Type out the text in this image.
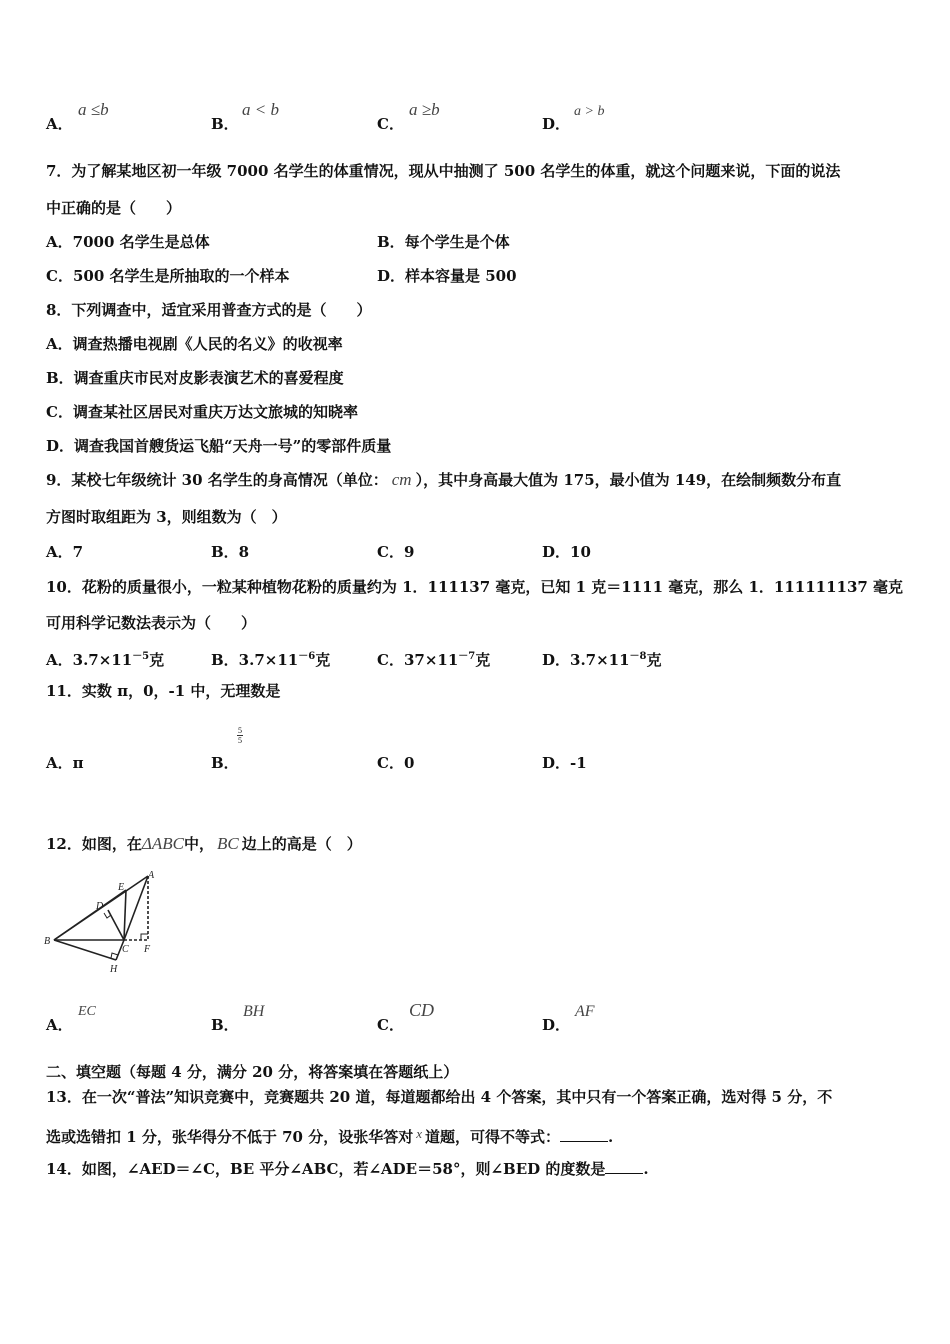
A．
a ≤b
B．
a < b
C．
a ≥b
D．
a > b
7．为了解某地区初一年级 7000 名学生的体重情况，现从中抽测了 500 名学生的体重，就这个问题来说，下面的说法
中正确的是（　　）
A．7000 名学生是总体	B．每个学生是个体
C．500 名学生是所抽取的一个样本	D．样本容量是 500
8．下列调查中，适宜采用普查方式的是（　　）
A．调查热播电视剧《人民的名义》的收视率
B．调查重庆市民对皮影表演艺术的喜爱程度
C．调查某社区居民对重庆万达文旅城的知晓率
D．调查我国首艘货运飞船“天舟一号”的零部件质量
9．某校七年级统计 30 名学生的身高情况（单位： cm ），其中身高最大值为 175，最小值为 149，在绘制频数分布直
方图时取组距为 3，则组数为（　）
A．7	B．8	C．9	D．10
10．花粉的质量很小，一粒某种植物花粉的质量约为 1．111137 毫克，已知 1 克＝1111 毫克，那么 1．111111137 毫克
可用科学记数法表示为（　　）
A．$3.7\times 11^{-5}$克	B．$3.7\times 11^{-6}$克	C．$37\times 11^{-7}$克	D．$3.7\times 11^{-8}$克
11．实数 π，0，-1 中，无理数是
A．π	B．
5
5
C．0	D．-1
12．如图，在ΔABC中， BC 边上的高是（　）
A
E
D
B
C F
H
A．
EC
B．
BH
C．
CD
D．
AF
二、填空题（每题 4 分，满分 20 分，将答案填在答题纸上）
13．在一次“普法”知识竞赛中，竞赛题共 20 道，每道题都给出 4 个答案，其中只有一个答案正确，选对得 5 分，不
选或选错扣 1 分，张华得分不低于 70 分，设张华答对 x 道题，可得不等式：	.
14．如图，∠AED＝∠C，BE 平分∠ABC，若∠ADE＝58°，则∠BED 的度数是	.
